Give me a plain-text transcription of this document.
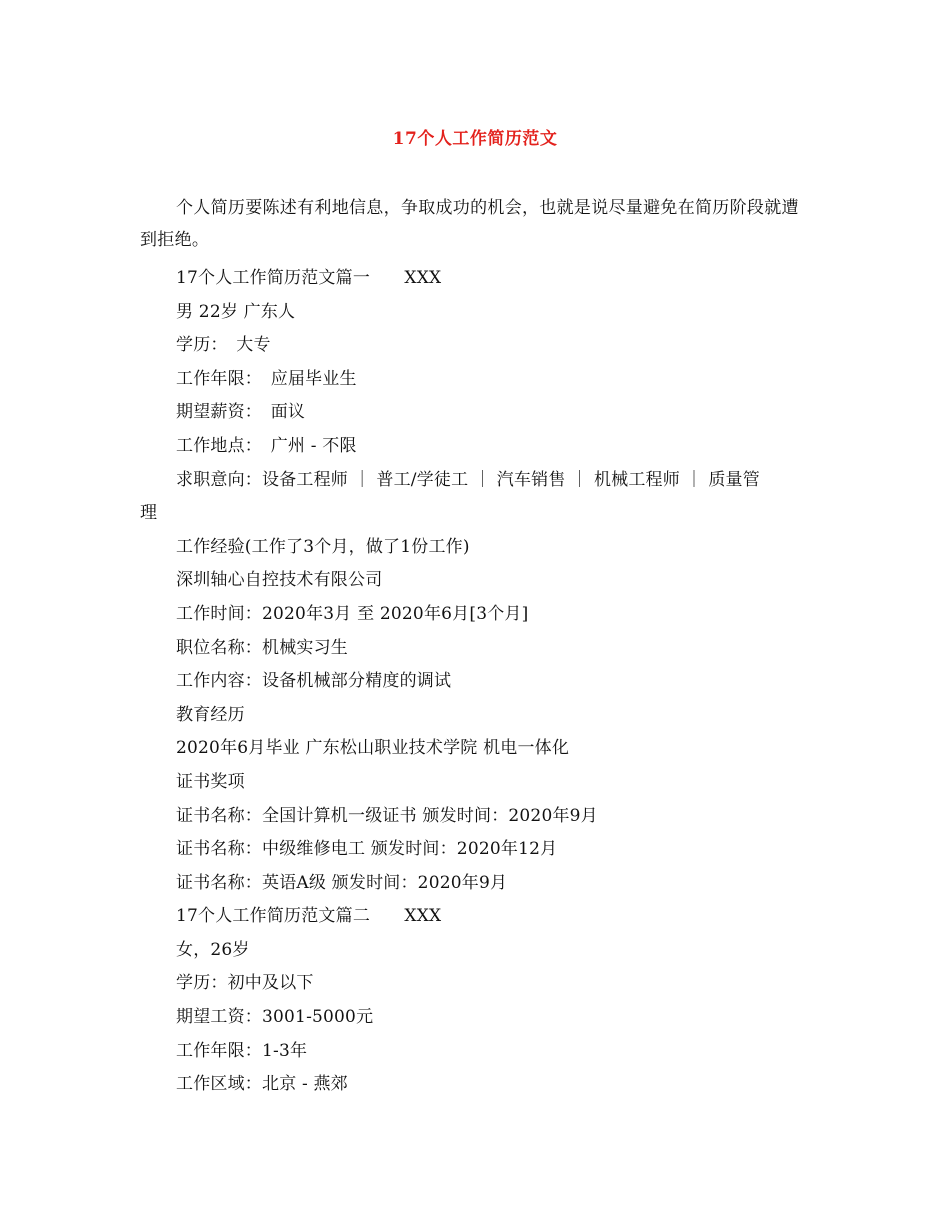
17个人工作简历范文
个人简历要陈述有利地信息，争取成功的机会，也就是说尽量避免在简历阶段就遭到拒绝。
17个人工作简历范文篇一　　XXX
男 22岁 广东人
学历：　大专
工作年限：　应届毕业生
期望薪资：　面议
工作地点：　广州 - 不限
求职意向：设备工程师 ｜ 普工/学徒工 ｜ 汽车销售 ｜ 机械工程师 ｜ 质量管
理
工作经验(工作了3个月，做了1份工作)
深圳轴心自控技术有限公司
工作时间：2020年3月 至 2020年6月[3个月]
职位名称：机械实习生
工作内容：设备机械部分精度的调试
教育经历
2020年6月毕业 广东松山职业技术学院 机电一体化
证书奖项
证书名称：全国计算机一级证书 颁发时间：2020年9月
证书名称：中级维修电工 颁发时间：2020年12月
证书名称：英语A级 颁发时间：2020年9月
17个人工作简历范文篇二　　XXX
女，26岁
学历：初中及以下
期望工资：3001-5000元
工作年限：1-3年
工作区域：北京 - 燕郊
